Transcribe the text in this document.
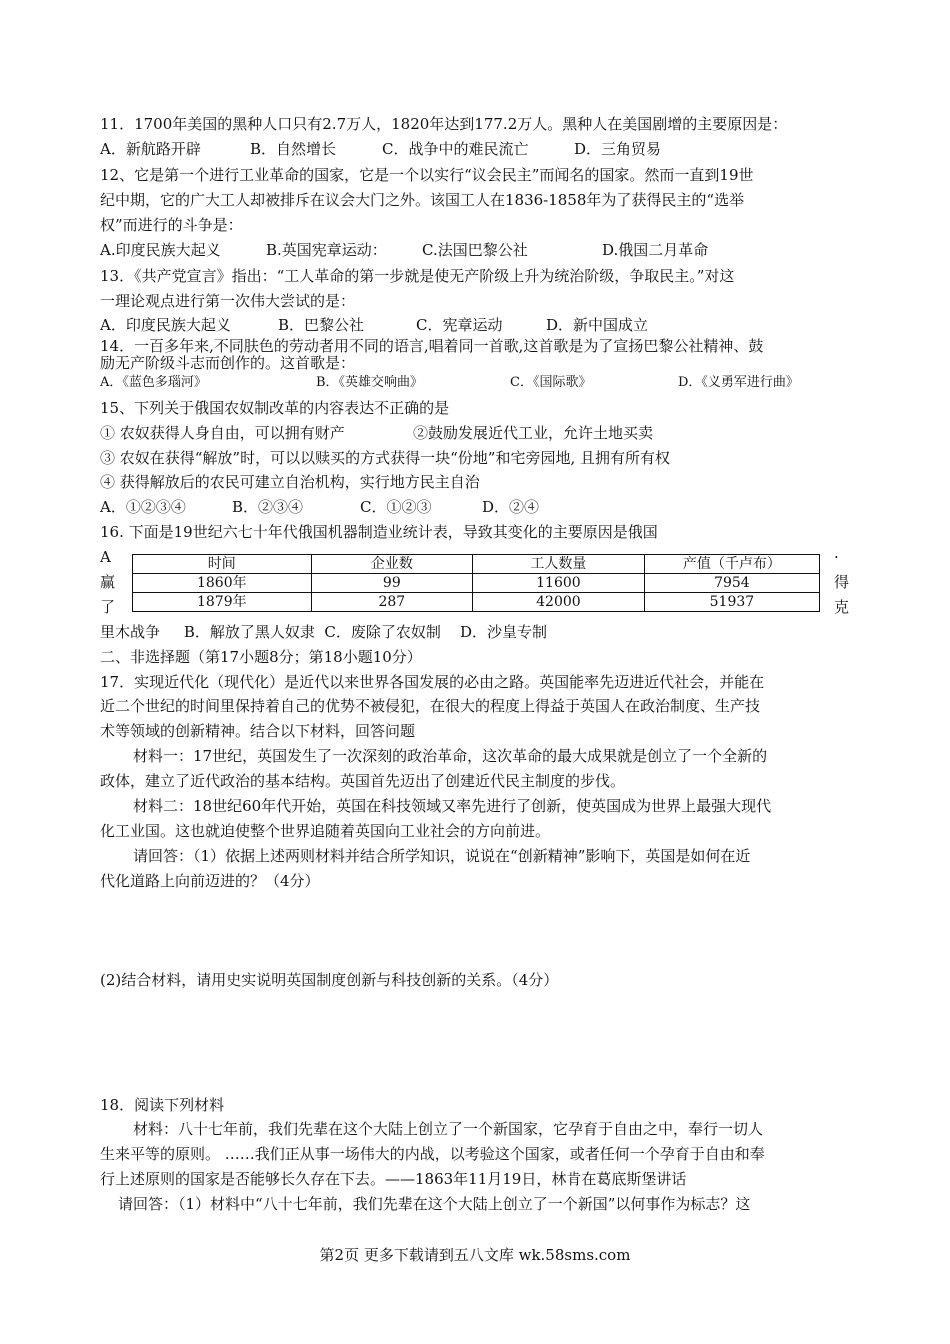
11．1700年美国的黑种人口只有2.7万人，1820年达到177.2万人。黑种人在美国剧增的主要原因是：
A．新航路开辟	B．自然增长	C．战争中的难民流亡	D．三角贸易
12、它是第一个进行工业革命的国家，它是一个以实行“议会民主”而闻名的国家。然而一直到19世
纪中期，它的广大工人却被排斥在议会大门之外。该国工人在1836-1858年为了获得民主的“选举
权”而进行的斗争是：
A.印度民族大起义	B.英国宪章运动： C.法国巴黎公社	D.俄国二月革命
13．《共产党宣言》指出：“工人革命的第一步就是使无产阶级上升为统治阶级，争取民主。”对这
一理论观点进行第一次伟大尝试的是：
A．印度民族大起义	B．巴黎公社	C．宪章运动	D．新中国成立
14．一百多年来,不同肤色的劳动者用不同的语言,唱着同一首歌,这首歌是为了宣扬巴黎公社精神、鼓
励无产阶级斗志而创作的。这首歌是：
A．《蓝色多瑙河》	B．《英雄交响曲》	C．《国际歌》	D．《义勇军进行曲》
15、下列关于俄国农奴制改革的内容表达不正确的是
① 农奴获得人身自由，可以拥有财产	②鼓励发展近代工业，允许土地买卖
③ 农奴在获得“解放”时，可以以赎买的方式获得一块“份地”和宅旁园地, 且拥有所有权
④ 获得解放后的农民可建立自治机构，实行地方民主自治
A．①②③④	B．②③④	C．①②③	D．②④
16. 下面是19世纪六七十年代俄国机器制造业统计表，导致其变化的主要原因是俄国
A
赢
了
时间	企业数	工人数量	产值（千卢布）
1860年	99	11600	7954
1879年	287	42000	51937
·
得
克
里木战争     B．解放了黑人奴隶  C．废除了农奴制    D．沙皇专制
二、非选择题（第17小题8分；第18小题10分）
17．实现近代化（现代化）是近代以来世界各国发展的必由之路。英国能率先迈进近代社会，并能在
近二个世纪的时间里保持着自己的优势不被侵犯，在很大的程度上得益于英国人在政治制度、生产技
术等领域的创新精神。结合以下材料，回答问题
材料一：17世纪，英国发生了一次深刻的政治革命，这次革命的最大成果就是创立了一个全新的
政体，建立了近代政治的基本结构。英国首先迈出了创建近代民主制度的步伐。
材料二：18世纪60年代开始，英国在科技领域又率先进行了创新，使英国成为世界上最强大现代
化工业国。这也就迫使整个世界追随着英国向工业社会的方向前进。
请回答：（1）依据上述两则材料并结合所学知识，说说在“创新精神”影响下，英国是如何在近
代化道路上向前迈进的？（4分）
(2)结合材料，请用史实说明英国制度创新与科技创新的关系。（4分）
18．阅读下列材料
材料：八十七年前，我们先辈在这个大陆上创立了一个新国家，它孕育于自由之中，奉行一切人
生来平等的原则。 ……我们正从事一场伟大的内战，以考验这个国家，或者任何一个孕育于自由和奉
行上述原则的国家是否能够长久存在下去。——1863年11月19日，林肯在葛底斯堡讲话
请回答：（1）材料中“八十七年前，我们先辈在这个大陆上创立了一个新国”以何事作为标志？这
第2页 更多下载请到五八文库 wk.58sms.com
